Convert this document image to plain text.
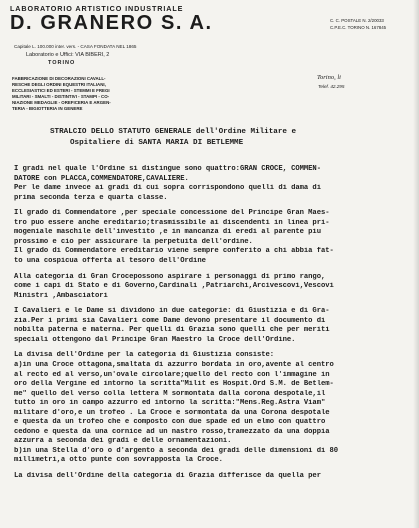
LABORATORIO ARTISTICO INDUSTRIALE
D. GRANERO S. A.
Capitale L. 100.000 inter. vers. - CASA FONDATA NEL 1865
Laboratorio e Uffici: VIA BIBERI, 2
TORINO
C. C. POSTALE N. 2/20033
C.P.E.C. TORINO N. 167845
FABBRICAZIONE DI DECORAZIONI CAVALL-
RESCHE DEGLI ORDINI EQUESTRI ITALIANI,
ECCLESIASTICI ED ESTERI - STEMMI E FREGI
MILITARI - SMALTI - DISTINTIVI - STAMPI - CO-
NIAZIONE MEDAGLIE - OREFICERIA E ARGEN-
TERIA - BIGIOTTERIA IN GENERE
Torino, li
Telef. 42.295
STRALCIO DELLO STATUTO GENERALE dell'Ordine Militare e
Ospitaliere di SANTA MARIA DI BETLEMME
I gradi nel quale l'Ordine si distingue sono quattro:GRAN CROCE, COMMEN-
DATORE con PLACCA,COMMENDATORE,CAVALIERE.
Per le dame invece ai gradi di cui sopra corrispondono quelli di dama di
prima seconda terza e quarta classe.
Il grado di Commendatore ,per speciale concessione del Principe Gran Maes-
tro puo essere anche ereditario;trasmissibile ai discendenti in linea pri-
mogeniale maschile dell'investito ,e in mancanza di eredi al parente piu
prossimo e cio per assicurare la perpetuita dell'ordine.
Il grado di Commendatore ereditario viene sempre conferito a chi abbia fat-
to una cospicua offerta al tesoro dell'Ordine
Alla categoria di Gran Crocepossono aspirare i personaggi di primo rango,
come i capi di Stato e di Governo,Cardinali ,Patriarchi,Arcivescovi,Vescovi
Ministri ,Ambasciatori
I Cavalieri e le Dame si dividono in due categorie: di Giustizia e di Gra-
zia.Per i primi sia Cavalieri come Dame devono presentare il documento di
nobilta paterna e materna. Per quelli di Grazia sono quelli che per meriti
speciali ottengono dal Principe Gran Maestro la Croce dell'Ordine.
La divisa dell'Ordine per la categoria di Giustizia consiste:
a)in una Croce ottagona,smaltata di azzurro bordata in oro,avente al centro
al recto ed al verso,un'ovale circolare;quello del recto con l'immagine in
oro della Vergine ed intorno la scritta"Milit es Hospit.Ord S.M. de Betlem-
me" quello del verso colla lettera M sormontata dalla corona despotale,il
tutto in oro in campo azzurro ed intorno la scritta:"Mens.Reg.Astra Viam"
militare d'oro,e un trofeo . La Croce e sormontata da una Corona despotale
e questa da un trofeo che e composto con due spade ed un elmo con quattro
cedono e questa da una cornice ad un nastro rosso,tramezzato da una doppia
azzurra a seconda dei gradi e delle ornamentazioni.
b)in una Stella d'oro o d'argento a seconda dei gradi delle dimensioni di 80
millimetri,a otto punte con sovrapposta la Croce.
La divisa dell'Ordine della categoria di Grazia differisce da quella per
